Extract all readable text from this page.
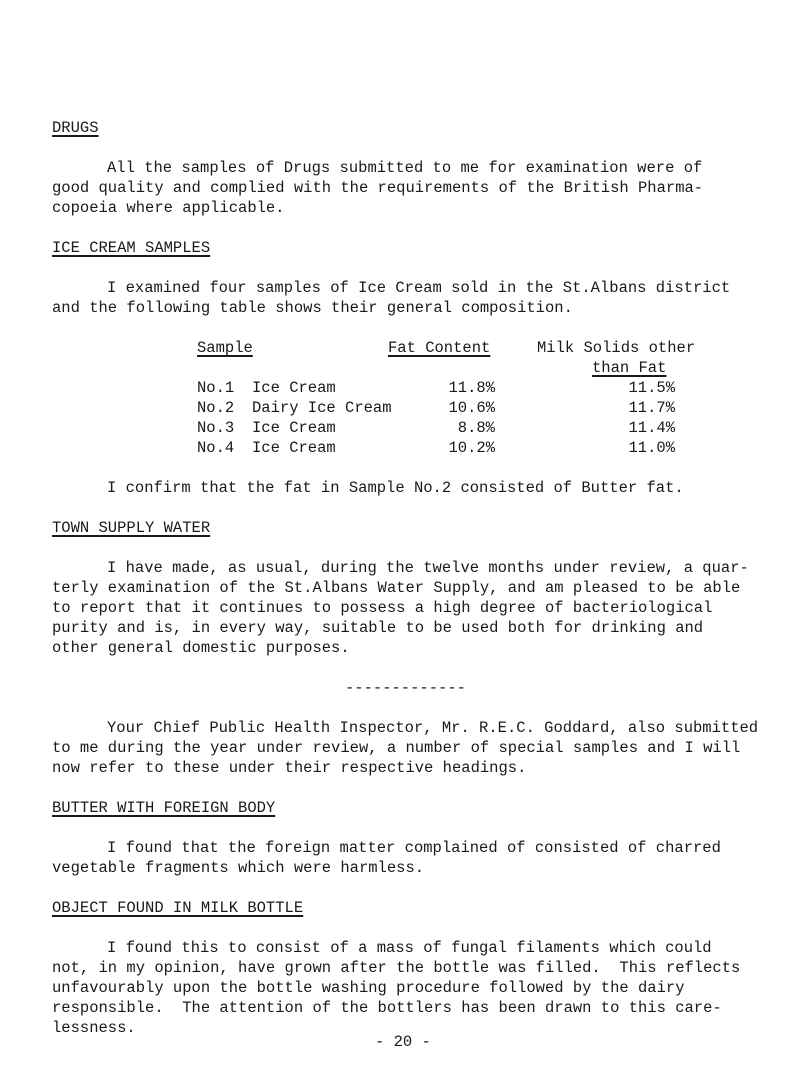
DRUGS
All the samples of Drugs submitted to me for examination were of
good quality and complied with the requirements of the British Pharma-
copoeia where applicable.
ICE CREAM SAMPLES
I examined four samples of Ice Cream sold in the St.Albans district
and the following table shows their general composition.
Sample	Fat Content	Milk Solids other
than Fat
No.1 Ice Cream	11.8%	11.5%
No.2 Dairy Ice Cream	10.6%	11.7%
No.3 Ice Cream	8.8%	11.4%
No.4 Ice Cream	10.2%	11.0%
I confirm that the fat in Sample No.2 consisted of Butter fat.
TOWN SUPPLY WATER
I have made, as usual, during the twelve months under review, a quar-
terly examination of the St.Albans Water Supply, and am pleased to be able
to report that it continues to possess a high degree of bacteriological
purity and is, in every way, suitable to be used both for drinking and
other general domestic purposes.
-------------
Your Chief Public Health Inspector, Mr. R.E.C. Goddard, also submitted
to me during the year under review, a number of special samples and I will
now refer to these under their respective headings.
BUTTER WITH FOREIGN BODY
I found that the foreign matter complained of consisted of charred
vegetable fragments which were harmless.
OBJECT FOUND IN MILK BOTTLE
I found this to consist of a mass of fungal filaments which could
not, in my opinion, have grown after the bottle was filled.  This reflects
unfavourably upon the bottle washing procedure followed by the dairy
responsible.  The attention of the bottlers has been drawn to this care-
lessness.
- 20 -
